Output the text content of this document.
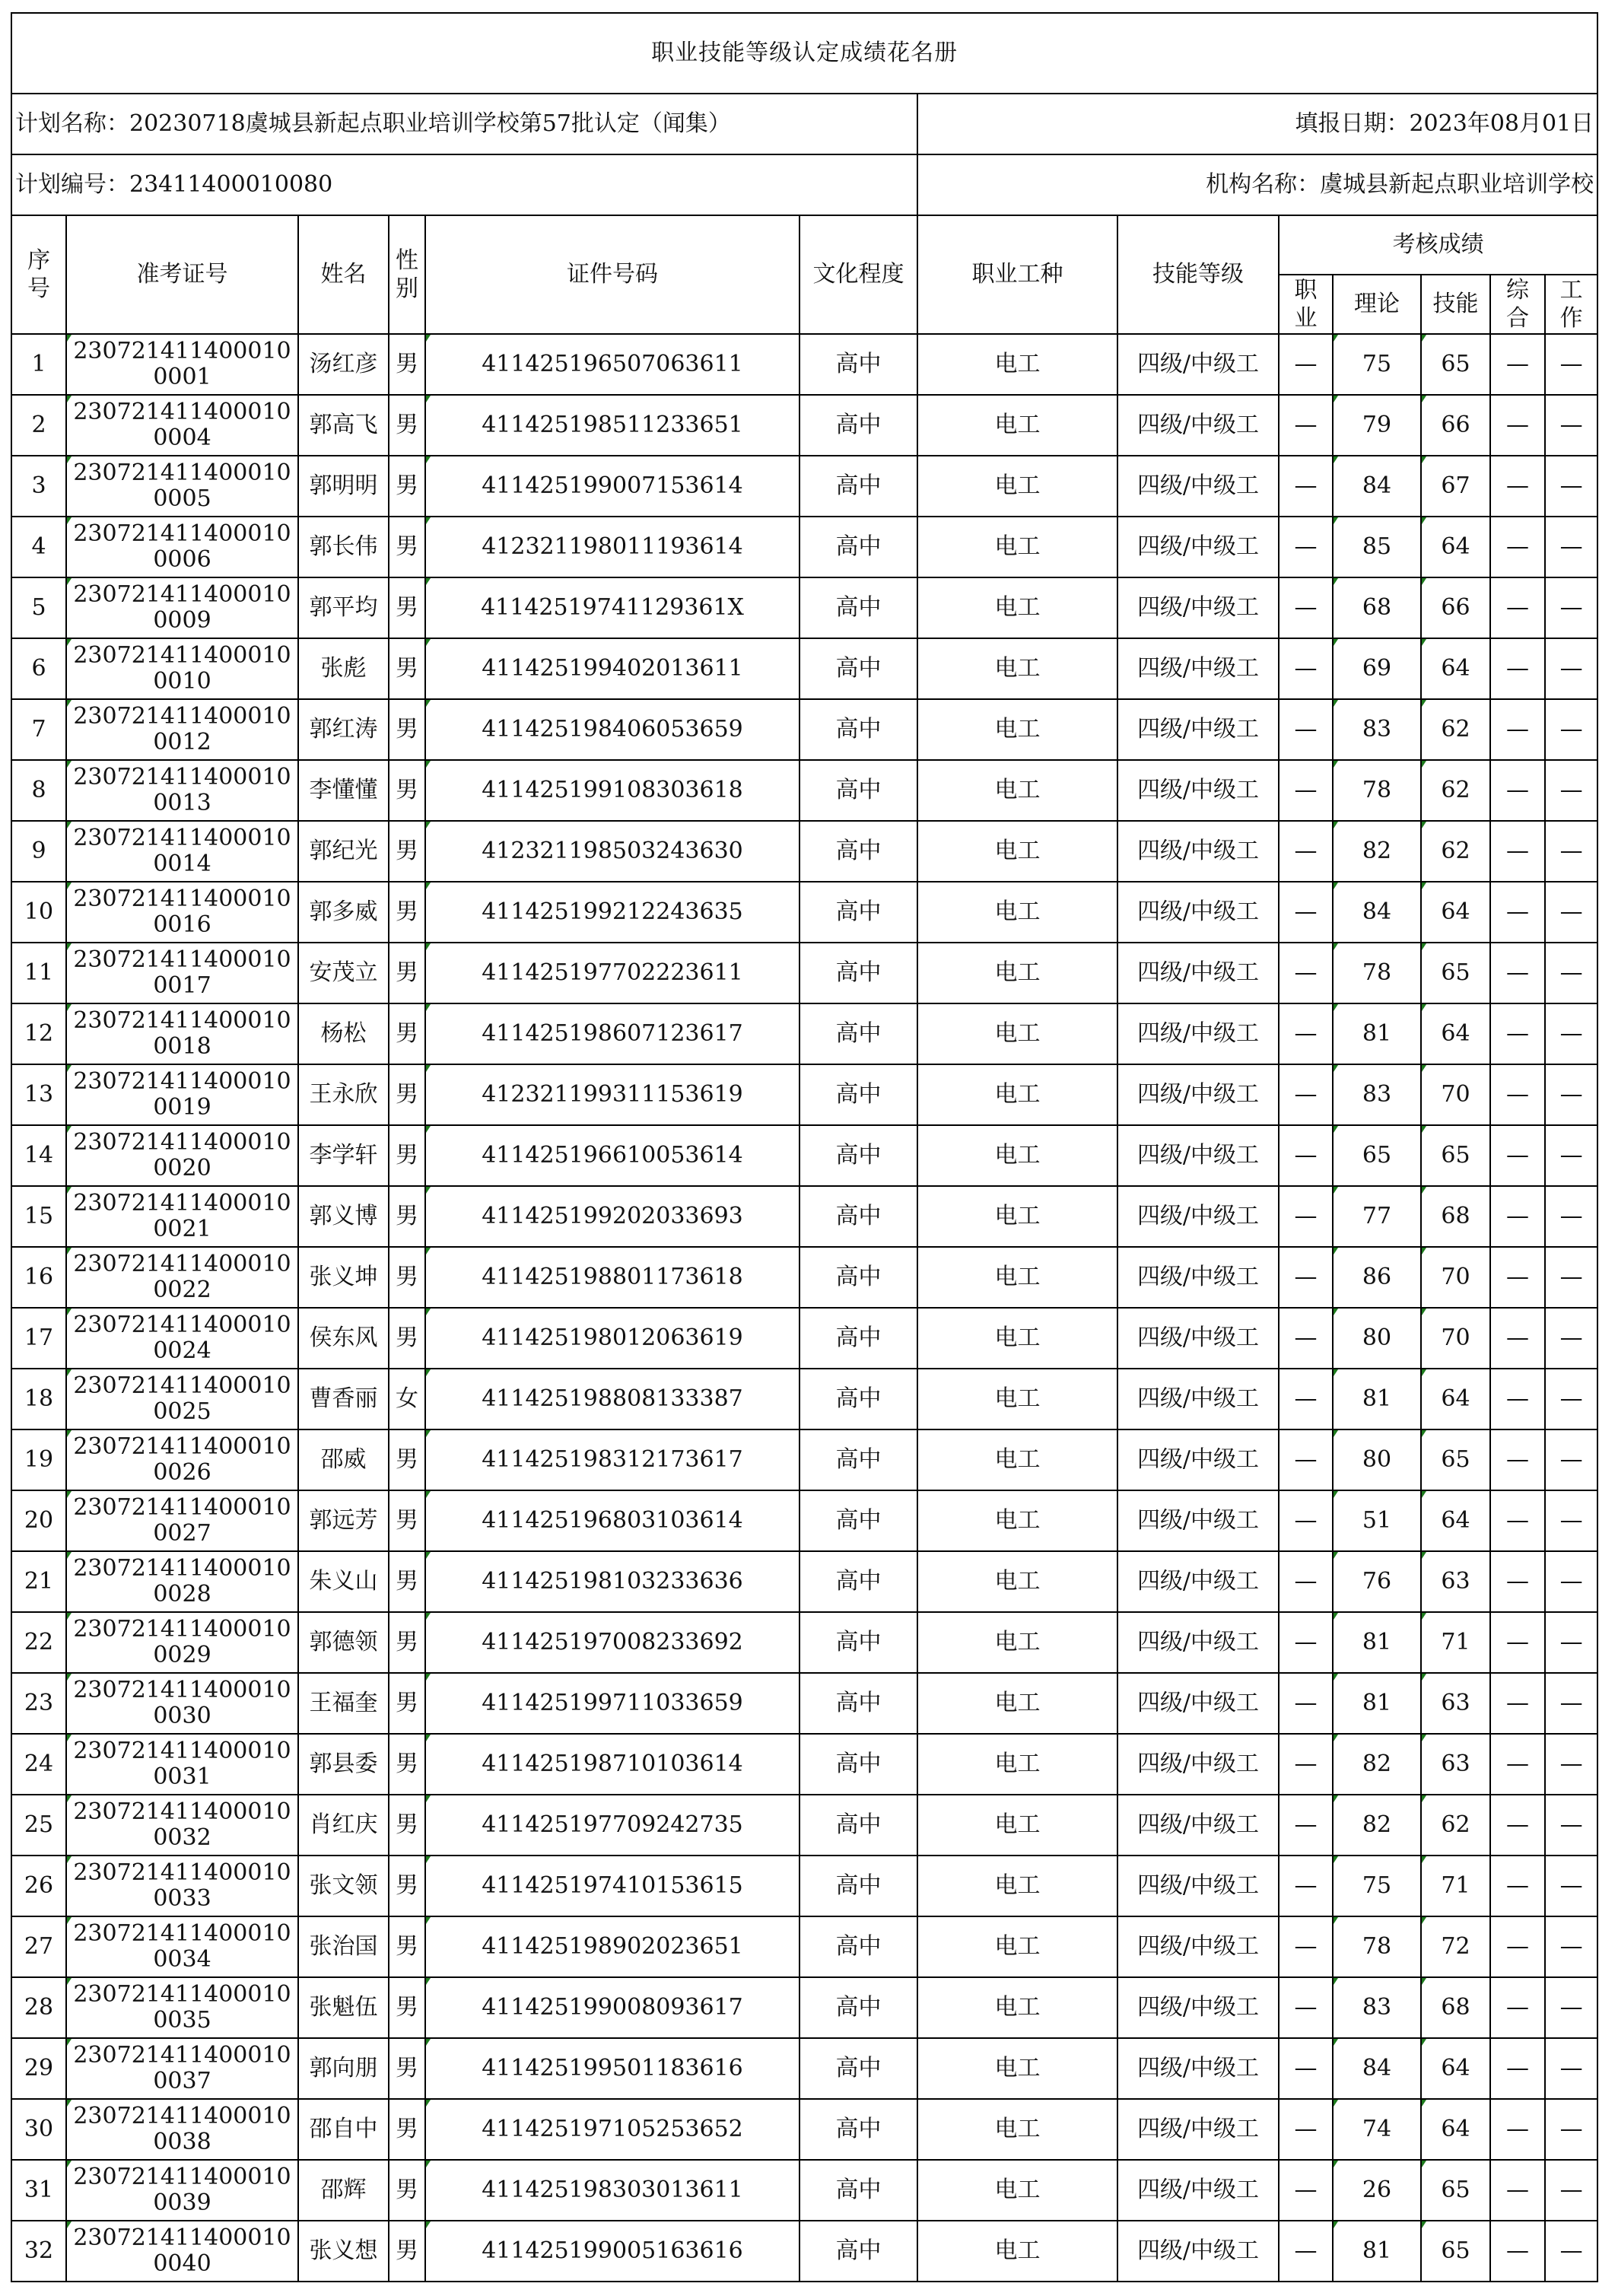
职业技能等级认定成绩花名册												
计划名称：20230718虞城县新起点职业培训学校第57批认定（闻集）						填报日期：2023年08月01日						
计划编号：23411400010080						机构名称：虞城县新起点职业培训学校						
序号	准考证号	姓名	性别	证件号码	文化程度	职业工种	技能等级	考核成绩				
								职业	理论	技能	综合	工作
1	2307214114000100001	汤红彦	男	411425196507063611	高中	电工	四级/中级工	—	75	65	—	—
2	2307214114000100004	郭高飞	男	411425198511233651	高中	电工	四级/中级工	—	79	66	—	—
3	2307214114000100005	郭明明	男	411425199007153614	高中	电工	四级/中级工	—	84	67	—	—
4	2307214114000100006	郭长伟	男	412321198011193614	高中	电工	四级/中级工	—	85	64	—	—
5	2307214114000100009	郭平均	男	41142519741129361X	高中	电工	四级/中级工	—	68	66	—	—
6	2307214114000100010	张彪	男	411425199402013611	高中	电工	四级/中级工	—	69	64	—	—
7	2307214114000100012	郭红涛	男	411425198406053659	高中	电工	四级/中级工	—	83	62	—	—
8	2307214114000100013	李懂懂	男	411425199108303618	高中	电工	四级/中级工	—	78	62	—	—
9	2307214114000100014	郭纪光	男	412321198503243630	高中	电工	四级/中级工	—	82	62	—	—
10	2307214114000100016	郭多威	男	411425199212243635	高中	电工	四级/中级工	—	84	64	—	—
11	2307214114000100017	安茂立	男	411425197702223611	高中	电工	四级/中级工	—	78	65	—	—
12	2307214114000100018	杨松	男	411425198607123617	高中	电工	四级/中级工	—	81	64	—	—
13	2307214114000100019	王永欣	男	412321199311153619	高中	电工	四级/中级工	—	83	70	—	—
14	2307214114000100020	李学轩	男	411425196610053614	高中	电工	四级/中级工	—	65	65	—	—
15	2307214114000100021	郭义博	男	411425199202033693	高中	电工	四级/中级工	—	77	68	—	—
16	2307214114000100022	张义坤	男	411425198801173618	高中	电工	四级/中级工	—	86	70	—	—
17	2307214114000100024	侯东风	男	411425198012063619	高中	电工	四级/中级工	—	80	70	—	—
18	2307214114000100025	曹香丽	女	411425198808133387	高中	电工	四级/中级工	—	81	64	—	—
19	2307214114000100026	邵威	男	411425198312173617	高中	电工	四级/中级工	—	80	65	—	—
20	2307214114000100027	郭远芳	男	411425196803103614	高中	电工	四级/中级工	—	51	64	—	—
21	2307214114000100028	朱义山	男	411425198103233636	高中	电工	四级/中级工	—	76	63	—	—
22	2307214114000100029	郭德领	男	411425197008233692	高中	电工	四级/中级工	—	81	71	—	—
23	2307214114000100030	王福奎	男	411425199711033659	高中	电工	四级/中级工	—	81	63	—	—
24	2307214114000100031	郭县委	男	411425198710103614	高中	电工	四级/中级工	—	82	63	—	—
25	2307214114000100032	肖红庆	男	411425197709242735	高中	电工	四级/中级工	—	82	62	—	—
26	2307214114000100033	张文领	男	411425197410153615	高中	电工	四级/中级工	—	75	71	—	—
27	2307214114000100034	张治国	男	411425198902023651	高中	电工	四级/中级工	—	78	72	—	—
28	2307214114000100035	张魁伍	男	411425199008093617	高中	电工	四级/中级工	—	83	68	—	—
29	2307214114000100037	郭向朋	男	411425199501183616	高中	电工	四级/中级工	—	84	64	—	—
30	2307214114000100038	邵自中	男	411425197105253652	高中	电工	四级/中级工	—	74	64	—	—
31	2307214114000100039	邵辉	男	411425198303013611	高中	电工	四级/中级工	—	26	65	—	—
32	2307214114000100040	张义想	男	411425199005163616	高中	电工	四级/中级工	—	81	65	—	—
